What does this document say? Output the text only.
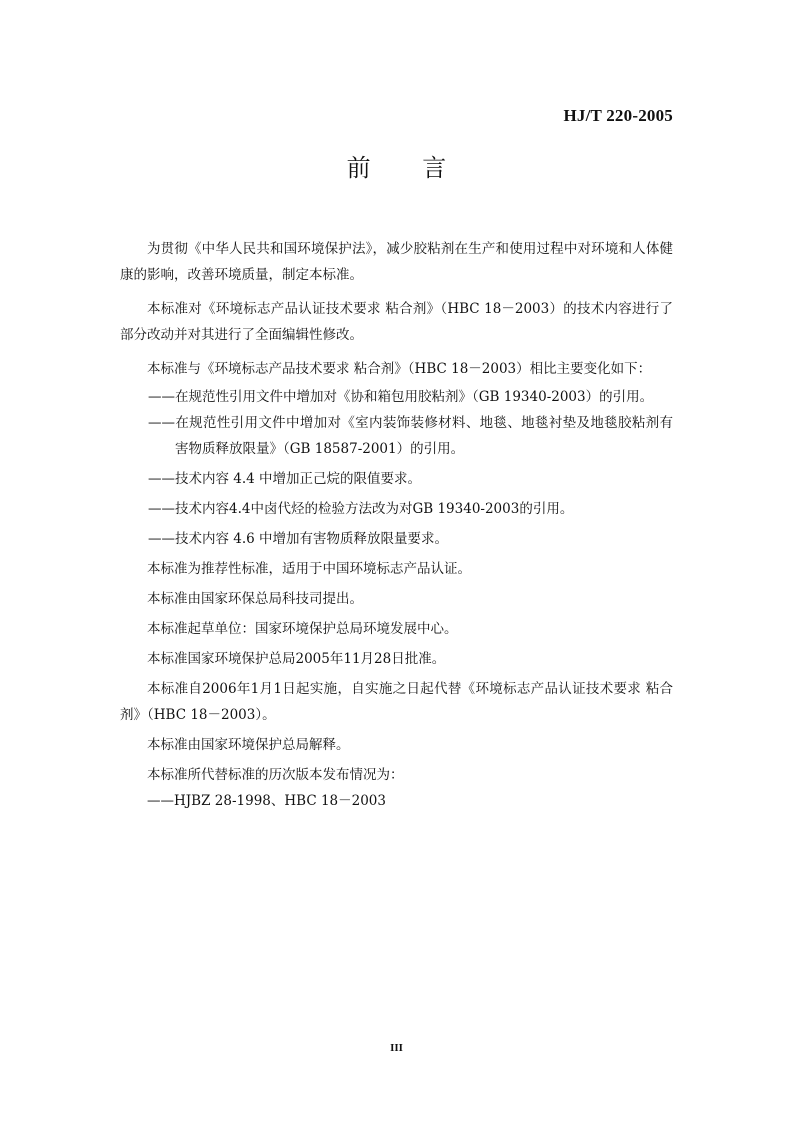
HJ/T 220-2005
前 言

为贯彻《中华人民共和国环境保护法》，减少胶粘剂在生产和使用过程中对环境和人体健康的影响，改善环境质量，制定本标准。

本标准对《环境标志产品认证技术要求 粘合剂》（HBC 18－2003）的技术内容进行了部分改动并对其进行了全面编辑性修改。

本标准与《环境标志产品技术要求 粘合剂》（HBC 18－2003）相比主要变化如下：

——在规范性引用文件中增加对《协和箱包用胶粘剂》（GB 19340-2003）的引用。

——在规范性引用文件中增加对《室内装饰装修材料、地毯、地毯衬垫及地毯胶粘剂有害物质释放限量》（GB 18587-2001）的引用。

——技术内容 4.4 中增加正己烷的限值要求。

——技术内容4.4中卤代烃的检验方法改为对GB 19340-2003的引用。

——技术内容 4.6 中增加有害物质释放限量要求。

本标准为推荐性标准，适用于中国环境标志产品认证。

本标准由国家环保总局科技司提出。

本标准起草单位：国家环境保护总局环境发展中心。

本标准国家环境保护总局2005年11月28日批准。

本标准自2006年1月1日起实施，自实施之日起代替《环境标志产品认证技术要求 粘合剂》（HBC 18－2003）。

本标准由国家环境保护总局解释。

本标准所代替标准的历次版本发布情况为：

——HJBZ 28-1998、HBC 18－2003

III
